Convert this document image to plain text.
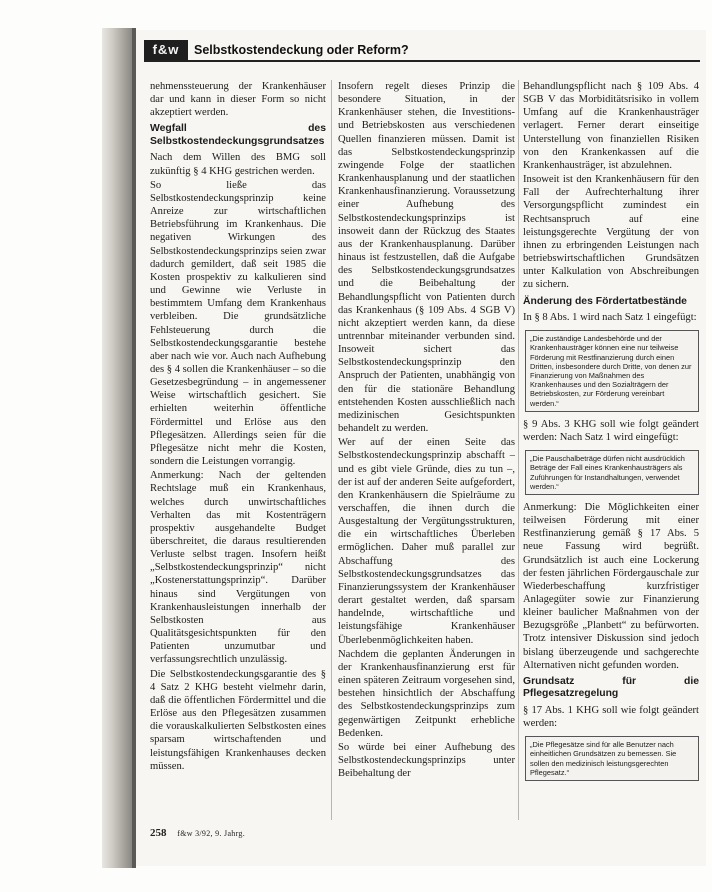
f&w	Selbstkostendeckung oder Reform?

nehmenssteuerung der Krankenhäuser dar und kann in dieser Form so nicht akzeptiert werden.

Wegfall des Selbstkostendeckungsgrundsatzes

Nach dem Willen des BMG soll zukünftig § 4 KHG gestrichen werden.

So ließe das Selbstkostendeckungsprinzip keine Anreize zur wirtschaftlichen Betriebsführung im Krankenhaus. Die negativen Wirkungen des Selbstkostendeckungsprinzips seien zwar dadurch gemildert, daß seit 1985 die Kosten prospektiv zu kalkulieren sind und Gewinne wie Verluste in bestimmtem Umfang dem Krankenhaus verbleiben. Die grundsätzliche Fehlsteuerung durch die Selbstkostendeckungsgarantie bestehe aber nach wie vor. Auch nach Aufhebung des § 4 sollen die Krankenhäuser – so die Gesetzesbegründung – in angemessener Weise wirtschaftlich gesichert. Sie erhielten weiterhin öffentliche Fördermittel und Erlöse aus den Pflegesätzen. Allerdings seien für die Pflegesätze nicht mehr die Kosten, sondern die Leistungen vorrangig.

Anmerkung: Nach der geltenden Rechtslage muß ein Krankenhaus, welches durch unwirtschaftliches Verhalten das mit Kostenträgern prospektiv ausgehandelte Budget überschreitet, die daraus resultierenden Verluste selbst tragen. Insofern heißt „Selbstkostendeckungsprinzip“ nicht „Kostenerstattungsprinzip“. Darüber hinaus sind Vergütungen von Krankenhausleistungen innerhalb der Selbstkosten aus Qualitätsgesichtspunkten für den Patienten unzumutbar und verfassungsrechtlich unzulässig.

Die Selbstkostendeckungsgarantie des § 4 Satz 2 KHG besteht vielmehr darin, daß die öffentlichen Fördermittel und die Erlöse aus den Pflegesätzen zusammen die vorauskalkulierten Selbstkosten eines sparsam wirtschaftenden und leistungsfähigen Krankenhauses decken müssen.

Insofern regelt dieses Prinzip die besondere Situation, in der Krankenhäuser stehen, die Investitions- und Betriebskosten aus verschiedenen Quellen finanzieren müssen. Damit ist das Selbstkostendeckungsprinzip zwingende Folge der staatlichen Krankenhausplanung und der staatlichen Krankenhausfinanzierung. Voraussetzung einer Aufhebung des Selbstkostendeckungsprinzips ist insoweit dann der Rückzug des Staates aus der Krankenhausplanung. Darüber hinaus ist festzustellen, daß die Aufgabe des Selbstkostendeckungsgrundsatzes und die Beibehaltung der Behandlungspflicht von Patienten durch das Krankenhaus (§ 109 Abs. 4 SGB V) nicht akzeptiert werden kann, da diese untrennbar miteinander verbunden sind. Insoweit sichert das Selbstkostendeckungsprinzip den Anspruch der Patienten, unabhängig von den für die stationäre Behandlung entstehenden Kosten ausschließlich nach medizinischen Gesichtspunkten behandelt zu werden.

Wer auf der einen Seite das Selbstkostendeckungsprinzip abschafft – und es gibt viele Gründe, dies zu tun –, der ist auf der anderen Seite aufgefordert, den Krankenhäusern die Spielräume zu verschaffen, die ihnen durch die Ausgestaltung der Vergütungsstrukturen, die ein wirtschaftliches Überleben ermöglichen. Daher muß parallel zur Abschaffung des Selbstkostendeckungsgrundsatzes das Finanzierungssystem der Krankenhäuser derart gestaltet werden, daß sparsam handelnde, wirtschaftliche und leistungsfähige Krankenhäuser Überlebenmöglichkeiten haben.

Nachdem die geplanten Änderungen in der Krankenhausfinanzierung erst für einen späteren Zeitraum vorgesehen sind, bestehen hinsichtlich der Abschaffung des Selbstkostendeckungsprinzips zum gegenwärtigen Zeitpunkt erhebliche Bedenken.

So würde bei einer Aufhebung des Selbstkostendeckungsprinzips unter Beibehaltung der

Behandlungspflicht nach § 109 Abs. 4 SGB V das Morbiditätsrisiko in vollem Umfang auf die Krankenhausträger verlagert. Ferner derart einseitige Unterstellung von finanziellen Risiken von den Krankenkassen auf die Krankenhausträger, ist abzulehnen.

Insoweit ist den Krankenhäusern für den Fall der Aufrechterhaltung ihrer Versorgungspflicht zumindest ein Rechtsanspruch auf eine leistungsgerechte Vergütung der von ihnen zu erbringenden Leistungen nach betriebswirtschaftlichen Grundsätzen unter Kalkulation von Abschreibungen zu sichern.

Änderung des Fördertatbestände

In § 8 Abs. 1 wird nach Satz 1 eingefügt:

„Die zuständige Landesbehörde und der Krankenhausträger können eine nur teilweise Förderung mit Restfinanzierung durch einen Dritten, insbesondere durch Dritte, von denen zur Finanzierung von Maßnahmen des Krankenhauses und den Sozialträgern der Betriebskosten, zur Förderung vereinbart werden.“

§ 9 Abs. 3 KHG soll wie folgt geändert werden: Nach Satz 1 wird eingefügt:

„Die Pauschalbeträge dürfen nicht ausdrücklich Beträge der Fall eines Krankenhausträgers als Zuführungen für Instandhaltungen, verwendet werden.“

Anmerkung: Die Möglichkeiten einer teilweisen Förderung mit einer Restfinanzierung gemäß § 17 Abs. 5 neue Fassung wird begrüßt. Grundsätzlich ist auch eine Lockerung der festen jährlichen Fördergauschale zur Wiederbeschaffung kurzfristiger Anlagegüter sowie zur Finanzierung kleiner baulicher Maßnahmen von der Bezugsgröße „Planbett“ zu befürworten. Trotz intensiver Diskussion sind jedoch bislang überzeugende und sachgerechte Alternativen nicht gefunden worden.

Grundsatz für die Pflegesatzregelung

§ 17 Abs. 1 KHG soll wie folgt geändert werden:

„Die Pflegesätze sind für alle Benutzer nach einheitlichen Grundsätzen zu bemessen. Sie sollen den medizinisch leistungsgerechten Pflegesatz.“
258 f&w 3/92, 9. Jahrg.
